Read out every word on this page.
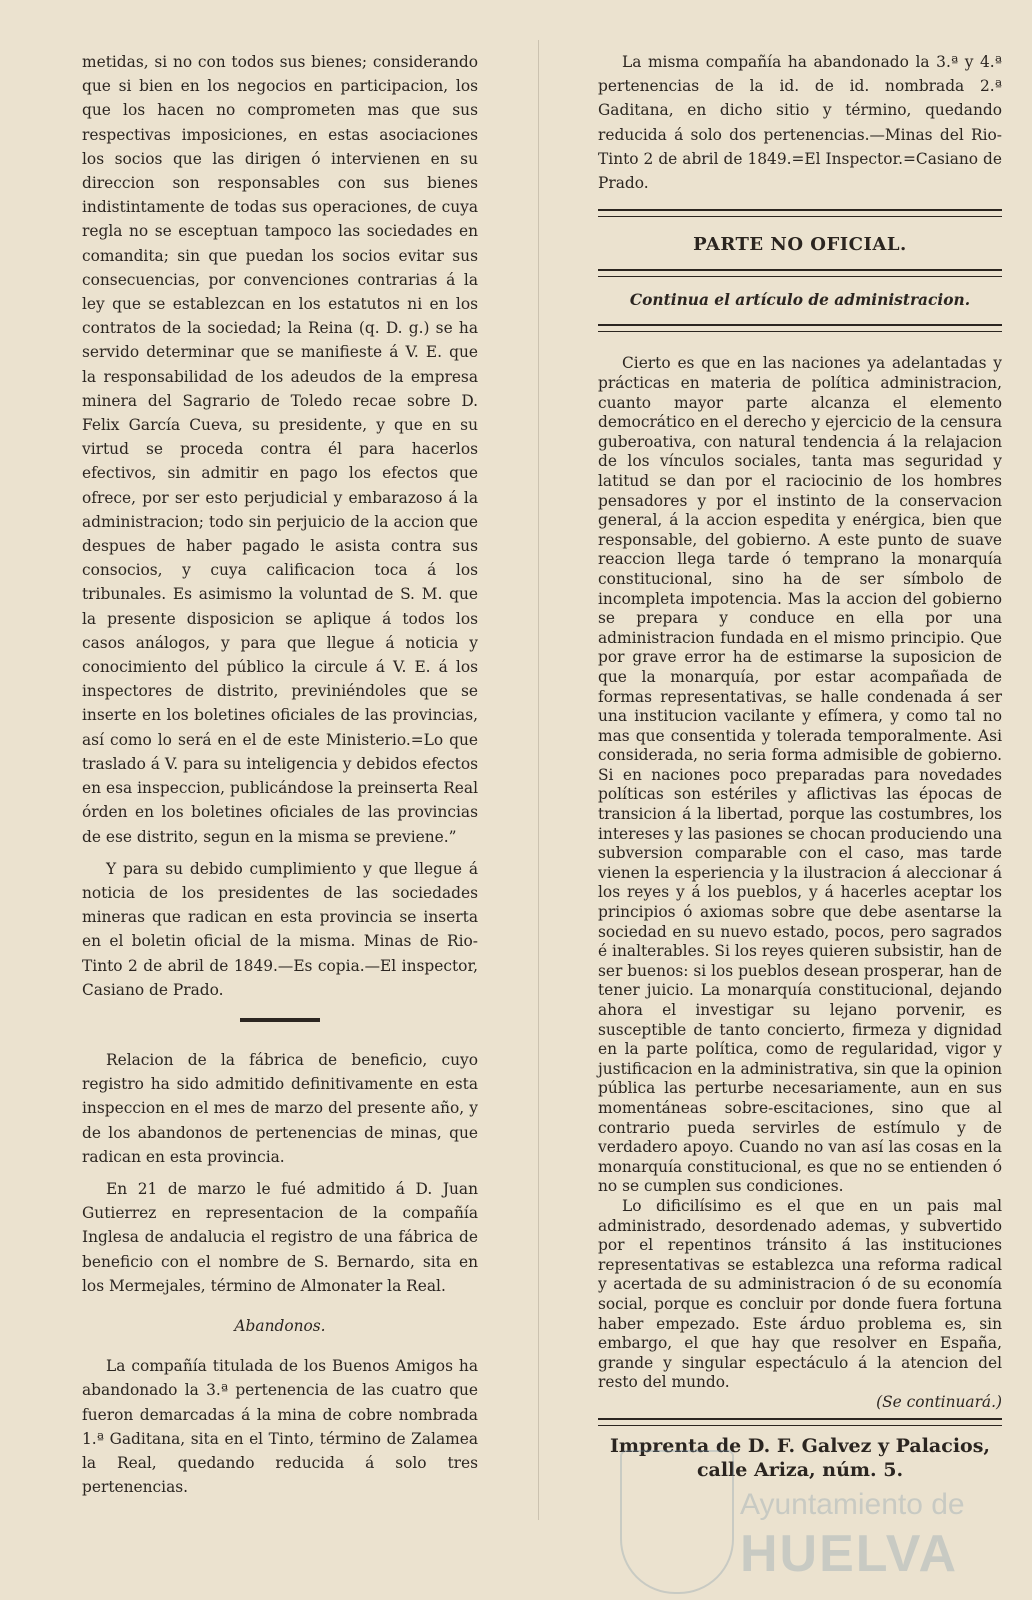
metidas, si no con todos sus bienes; considerando que si bien en los negocios en participacion, los que los hacen no comprometen mas que sus respectivas imposiciones, en estas asociaciones los socios que las dirigen ó intervienen en su direccion son responsables con sus bienes indistintamente de todas sus operaciones, de cuya regla no se esceptuan tampoco las sociedades en comandita; sin que puedan los socios evitar sus consecuencias, por convenciones contrarias á la ley que se establezcan en los estatutos ni en los contratos de la sociedad; la Reina (q. D. g.) se ha servido determinar que se manifieste á V. E. que la responsabilidad de los adeudos de la empresa minera del Sagrario de Toledo recae sobre D. Felix García Cueva, su presidente, y que en su virtud se proceda contra él para hacerlos efectivos, sin admitir en pago los efectos que ofrece, por ser esto perjudicial y embarazoso á la administracion; todo sin perjuicio de la accion que despues de haber pagado le asista contra sus consocios, y cuya calificacion toca á los tribunales. Es asimismo la voluntad de S. M. que la presente disposicion se aplique á todos los casos análogos, y para que llegue á noticia y conocimiento del público la circule á V. E. á los inspectores de distrito, previniéndoles que se inserte en los boletines oficiales de las provincias, así como lo será en el de este Ministerio.=Lo que traslado á V. para su inteligencia y debidos efectos en esa inspeccion, publicándose la preinserta Real órden en los boletines oficiales de las provincias de ese distrito, segun en la misma se previene.”

Y para su debido cumplimiento y que llegue á noticia de los presidentes de las sociedades mineras que radican en esta provincia se inserta en el boletin oficial de la misma. Minas de Rio-Tinto 2 de abril de 1849.—Es copia.—El inspector, Casiano de Prado.

Relacion de la fábrica de beneficio, cuyo registro ha sido admitido definitivamente en esta inspeccion en el mes de marzo del presente año, y de los abandonos de pertenencias de minas, que radican en esta provincia.

En 21 de marzo le fué admitido á D. Juan Gutierrez en representacion de la compañía Inglesa de andalucia el registro de una fábrica de beneficio con el nombre de S. Bernardo, sita en los Mermejales, término de Almonater la Real.

Abandonos.

La compañía titulada de los Buenos Amigos ha abandonado la 3.ª pertenencia de las cuatro que fueron demarcadas á la mina de cobre nombrada 1.ª Gaditana, sita en el Tinto, término de Zalamea la Real, quedando reducida á solo tres pertenencias.

La misma compañía ha abandonado la 3.ª y 4.ª pertenencias de la id. de id. nombrada 2.ª Gaditana, en dicho sitio y término, quedando reducida á solo dos pertenencias.—Minas del Rio-Tinto 2 de abril de 1849.=El Inspector.=Casiano de Prado.

PARTE NO OFICIAL.

Continua el artículo de administracion.

Cierto es que en las naciones ya adelantadas y prácticas en materia de política administracion, cuanto mayor parte alcanza el elemento democrático en el derecho y ejercicio de la censura guberoativa, con natural tendencia á la relajacion de los vínculos sociales, tanta mas seguridad y latitud se dan por el raciocinio de los hombres pensadores y por el instinto de la conservacion general, á la accion espedita y enérgica, bien que responsable, del gobierno. A este punto de suave reaccion llega tarde ó temprano la monarquía constitucional, sino ha de ser símbolo de incompleta impotencia. Mas la accion del gobierno se prepara y conduce en ella por una administracion fundada en el mismo principio. Que por grave error ha de estimarse la suposicion de que la monarquía, por estar acompañada de formas representativas, se halle condenada á ser una institucion vacilante y efímera, y como tal no mas que consentida y tolerada temporalmente. Asi considerada, no seria forma admisible de gobierno. Si en naciones poco preparadas para novedades políticas son estériles y aflictivas las épocas de transicion á la libertad, porque las costumbres, los intereses y las pasiones se chocan produciendo una subversion comparable con el caso, mas tarde vienen la esperiencia y la ilustracion á aleccionar á los reyes y á los pueblos, y á hacerles aceptar los principios ó axiomas sobre que debe asentarse la sociedad en su nuevo estado, pocos, pero sagrados é inalterables. Si los reyes quieren subsistir, han de ser buenos: si los pueblos desean prosperar, han de tener juicio. La monarquía constitucional, dejando ahora el investigar su lejano porvenir, es susceptible de tanto concierto, firmeza y dignidad en la parte política, como de regularidad, vigor y justificacion en la administrativa, sin que la opinion pública las perturbe necesariamente, aun en sus momentáneas sobre-escitaciones, sino que al contrario pueda servirles de estímulo y de verdadero apoyo. Cuando no van así las cosas en la monarquía constitucional, es que no se entienden ó no se cumplen sus condiciones.

Lo dificilísimo es el que en un pais mal administrado, desordenado ademas, y subvertido por el repentinos tránsito á las instituciones representativas se establezca una reforma radical y acertada de su administracion ó de su economía social, porque es concluir por donde fuera fortuna haber empezado. Este árduo problema es, sin embargo, el que hay que resolver en España, grande y singular espectáculo á la atencion del resto del mundo.

(Se continuará.)

Imprenta de D. F. Galvez y Palacios, calle Ariza, núm. 5.

Ayuntamiento de
HUELVA
